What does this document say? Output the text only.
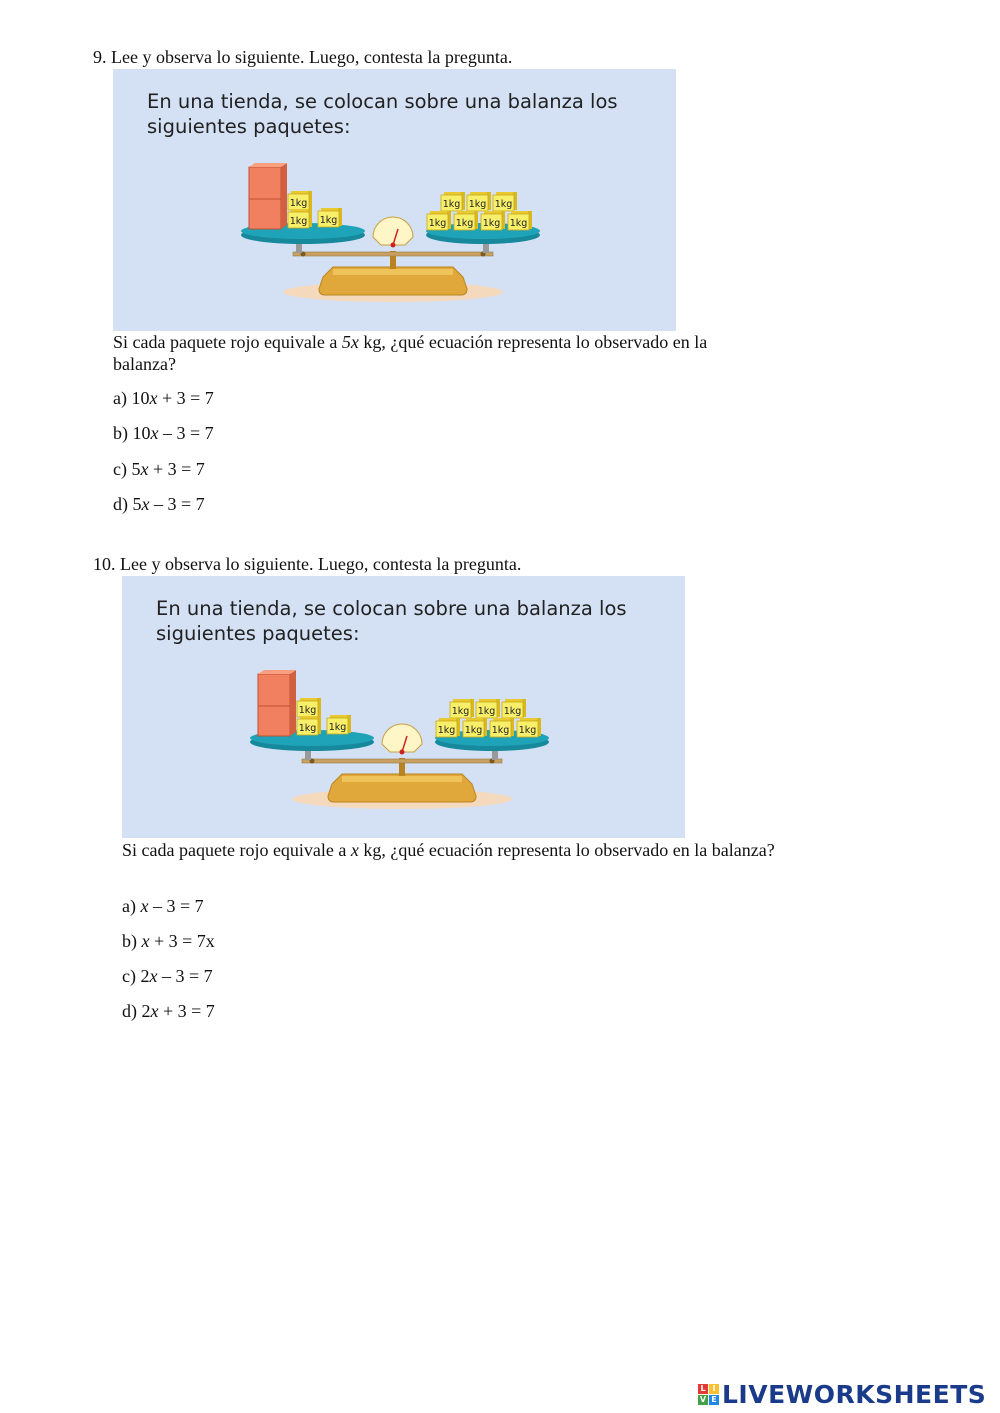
9. Lee y observa lo siguiente. Luego, contesta la pregunta.
En una tienda, se colocan sobre una balanza los
siguientes paquetes:
1kg
1kg 1kg
1kg 1kg 1kg
1kg 1kg 1kg 1kg
Si cada paquete rojo equivale a 5x kg, ¿qué ecuación representa lo observado en la balanza?
a) 10x + 3 = 7
b) 10x – 3 = 7
c) 5x + 3 = 7
d) 5x – 3 = 7
10. Lee y observa lo siguiente. Luego, contesta la pregunta.
En una tienda, se colocan sobre una balanza los
siguientes paquetes:
1kg
1kg 1kg
1kg 1kg 1kg
1kg 1kg 1kg 1kg
Si cada paquete rojo equivale a x kg, ¿qué ecuación representa lo observado en la balanza?
a) x – 3 = 7
b) x + 3 = 7x
c) 2x – 3 = 7
d) 2x + 3 = 7
L I
V E LIVEWORKSHEETS
